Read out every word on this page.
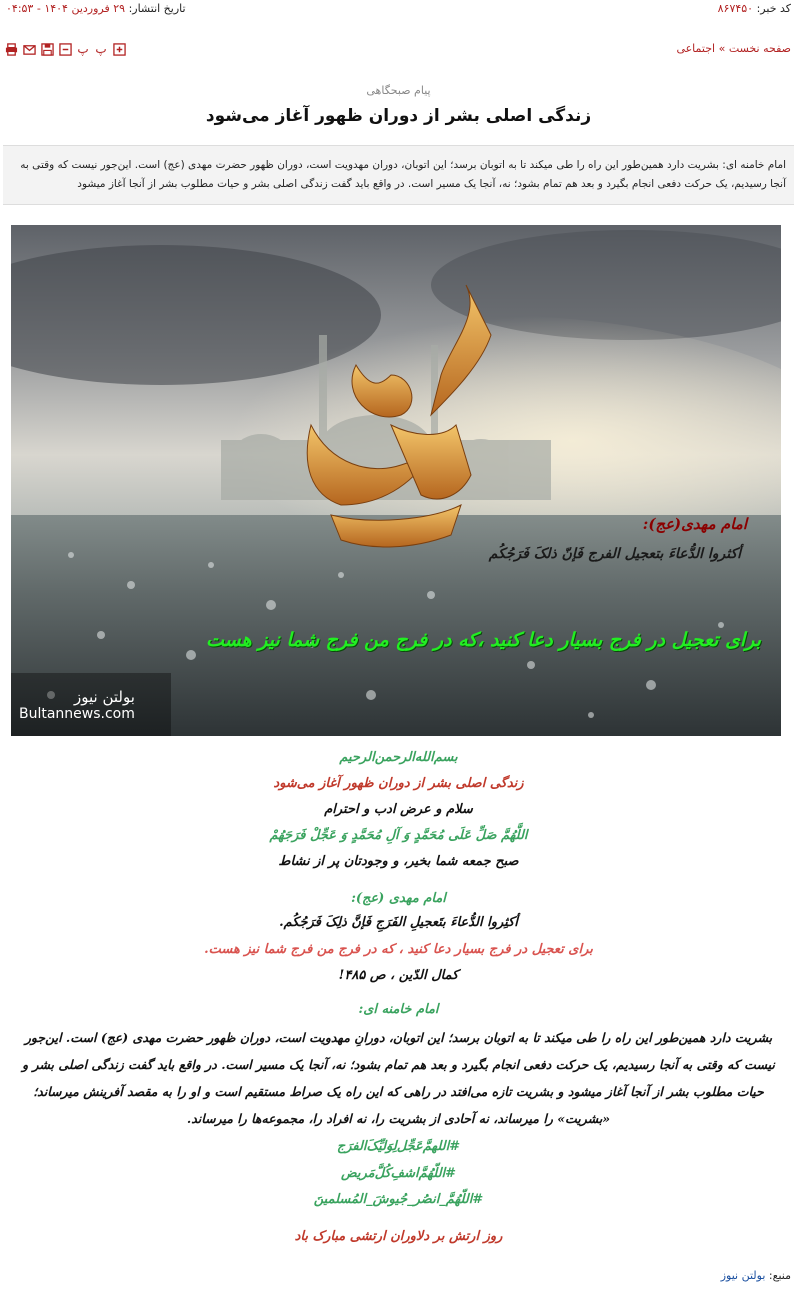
کد خبر: ۸۶۷۴۵۰
تاریخ انتشار: ۲۹ فروردین ۱۴۰۴ - ۰۴:۵۳
صفحه نخست » اجتماعی
پ پ
پیام صبحگاهی
زندگی اصلی بشر از دوران ظهور آغاز می‌شود
امام خامنه ای: بشریت دارد همین‌طور این راه را طی میکند تا به اتوبان برسد؛ این اتوبان، دوران مهدویت است، دوران ظهور حضرت مهدی (عج) است. این‌جور نیست که وقتی به آنجا رسیدیم، یک حرکت دفعی انجام بگیرد و بعد هم تمام بشود؛ نه، آنجا یک مسیر است. در واقع باید گفت زندگی اصلی بشر و حیات مطلوب بشر از آنجا آغاز میشود
امام مهدی(عج):
أکثروا الدُّعاءَ بتعجیل الفرج فَإنّ ذلکَ فَرَجُکُم
برای تعجیل در فرج بسیار دعا کنید ،که در فرج من فرج شما نیز هست
بولتن نیوز
Bultannews.com
بسم‌الله‌الرحمن‌الرحیم
زندگی اصلی بشر از دوران ظهور آغاز می‌شود
سلام و عرض ادب و احترام
اللَّهُمَّ صَلِّ عَلَی مُحَمَّدٍ وَ آلِ مُحَمَّدٍ وَ عَجِّلْ فَرَجَهُمْ
صبح جمعه شما بخیر، و وجودتان پر از نشاط
امام مهدی (عج):
أکثِروا الدُّعاءَ بتَعجیلِ الفَرَجِ فَإنَّ ذلِکَ فَرَجُکُم.
برای تعجیل در فرج بسیار دعا کنید ، که در فرج من فرج شما نیز هست.
کمال الدّین ، ص ۴۸۵!
امام خامنه ای:
بشریت دارد همین‌طور این راه را طی میکند تا به اتوبان برسد؛ این اتوبان، دورانِ مهدویت است، دوران ظهور حضرت مهدی (عج) است. این‌جور نیست که وقتی به آنجا رسیدیم، یک حرکت دفعی انجام بگیرد و بعد هم تمام بشود؛ نه، آنجا یک مسیر است. در واقع باید گفت زندگی اصلی بشر و حیات مطلوب بشر از آنجا آغاز میشود و بشریت تازه می‌افتد در راهی که این راه یک صراط مستقیم است و او را به مقصد آفرینش میرساند؛ «بشریت» را میرساند، نه آحادی از بشریت را، نه افراد را، مجموعه‌ها را میرساند.
#اللهمَّ‌عَجِّل‌لِوَلیِّکَ‌الفرَج
#اللّهُمَّ‌اشفِ‌کُلَّ‌مَریض
#اللّهُمَّ_انصُر_جُیوشَ_المُسلمینَ
روز ارتش بر دلاوران ارتشی مبارک باد
منبع: بولتن نیوز
